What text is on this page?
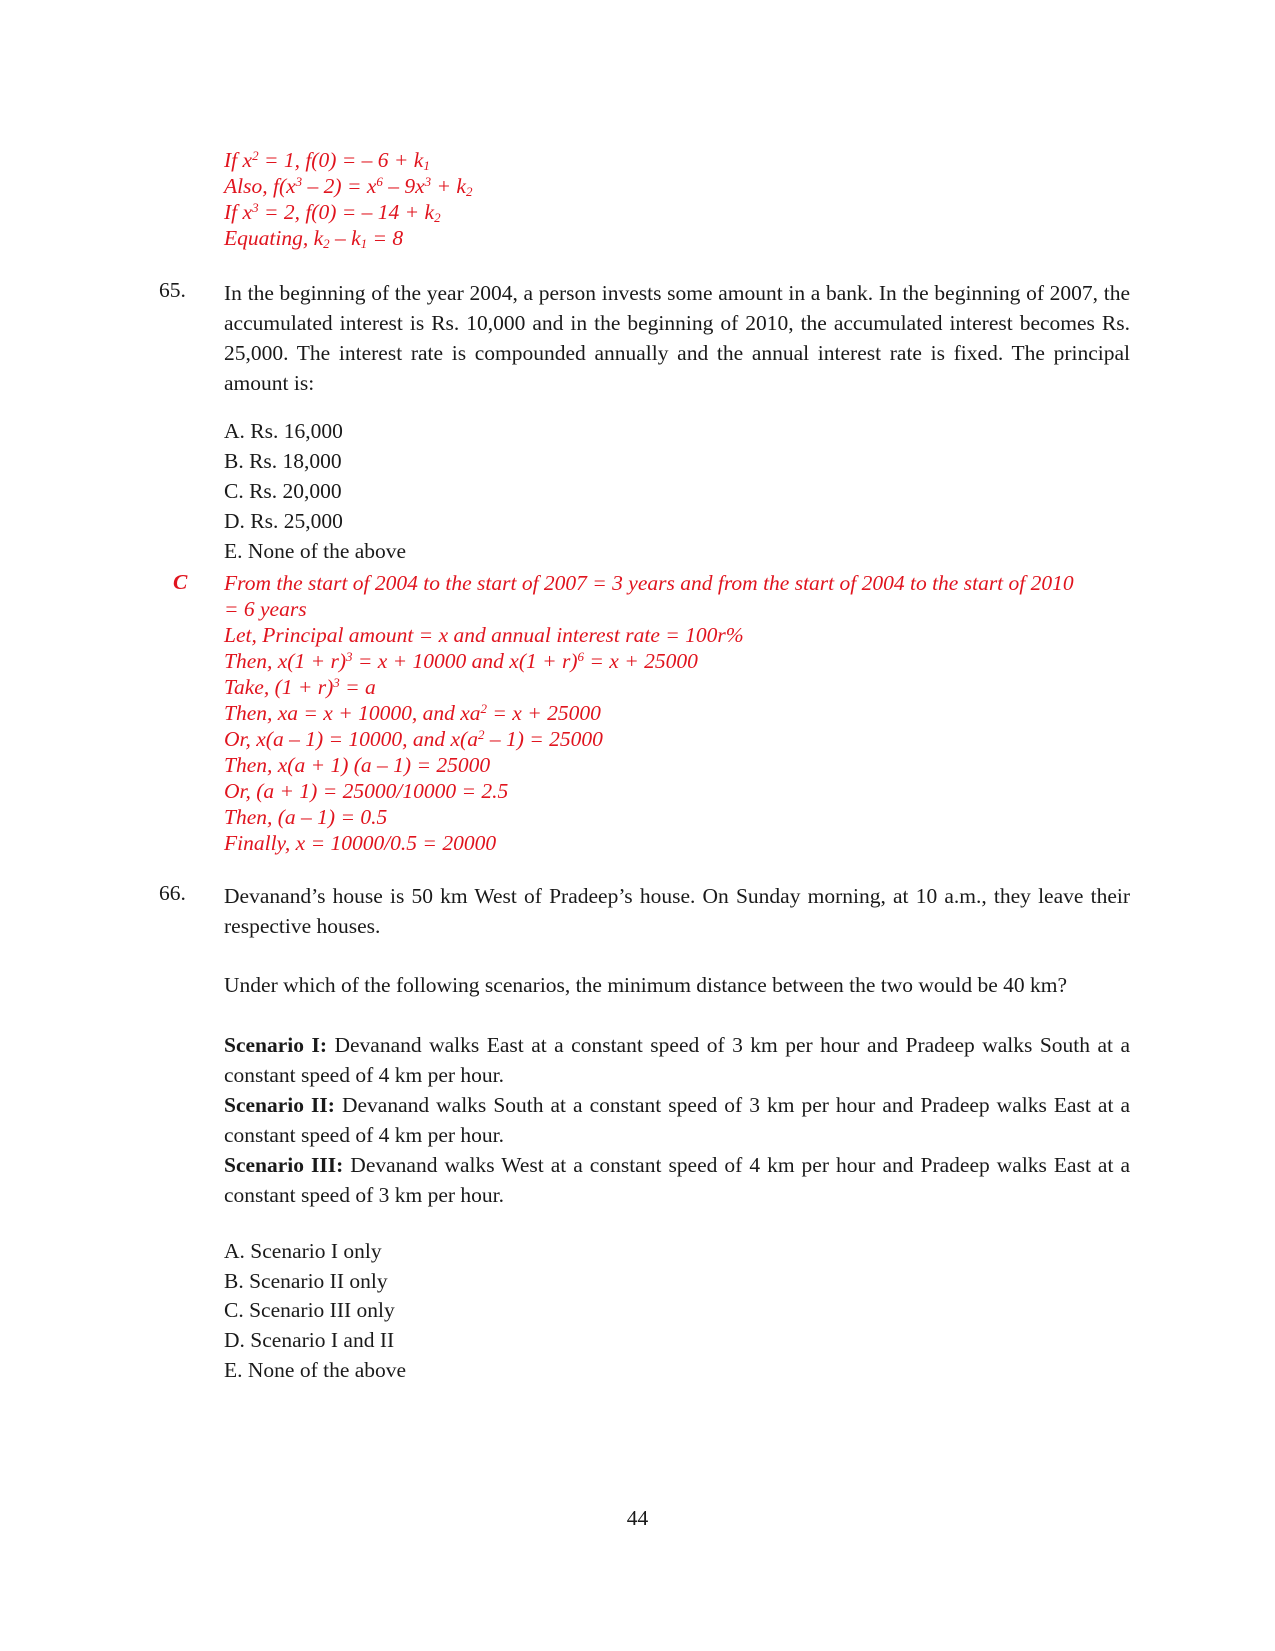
If $x^2 = 1$, f(0) = – $6 + k_1$
Also, $f(x^3 - 2) = x^6 - 9x^3 + k_2$
If $x^3 = 2$, f(0) = – $14 + k_2$
Equating, $k_2 - k_1 = 8$
65. In the beginning of the year 2004, a person invests some amount in a bank. In the beginning of 2007, the accumulated interest is Rs. 10,000 and in the beginning of 2010, the accumulated interest becomes Rs. 25,000. The interest rate is compounded annually and the annual interest rate is fixed. The principal amount is:
A. Rs. 16,000
B. Rs. 18,000
C. Rs. 20,000
D. Rs. 25,000
E. None of the above
C From the start of 2004 to the start of 2007 = 3 years and from the start of 2004 to the start of 2010
= 6 years
Let, Principal amount = x and annual interest rate = 100r%
Then, $x(1 + r)^3 = x + 10000$ and $x(1 + r)^6 = x + 25000$
Take, $(1 + r)^3 = a$
Then, xa = x + 10000, and $xa^2 = x + 25000$
Or, x(a – 1) = 10000, and $x(a^2 - 1) = 25000$
Then, x(a + 1) (a – 1) = 25000
Or, (a + 1) = 25000/10000 = 2.5
Then, (a – 1) = 0.5
Finally, x = 10000/0.5 = 20000
66. Devanand’s house is 50 km West of Pradeep’s house. On Sunday morning, at 10 a.m., they leave their respective houses.
Under which of the following scenarios, the minimum distance between the two would be 40 km?
Scenario I: Devanand walks East at a constant speed of 3 km per hour and Pradeep walks South at a constant speed of 4 km per hour.
Scenario II: Devanand walks South at a constant speed of 3 km per hour and Pradeep walks East at a constant speed of 4 km per hour.
Scenario III: Devanand walks West at a constant speed of 4 km per hour and Pradeep walks East at a constant speed of 3 km per hour.
A. Scenario I only
B. Scenario II only
C. Scenario III only
D. Scenario I and II
E. None of the above
44
